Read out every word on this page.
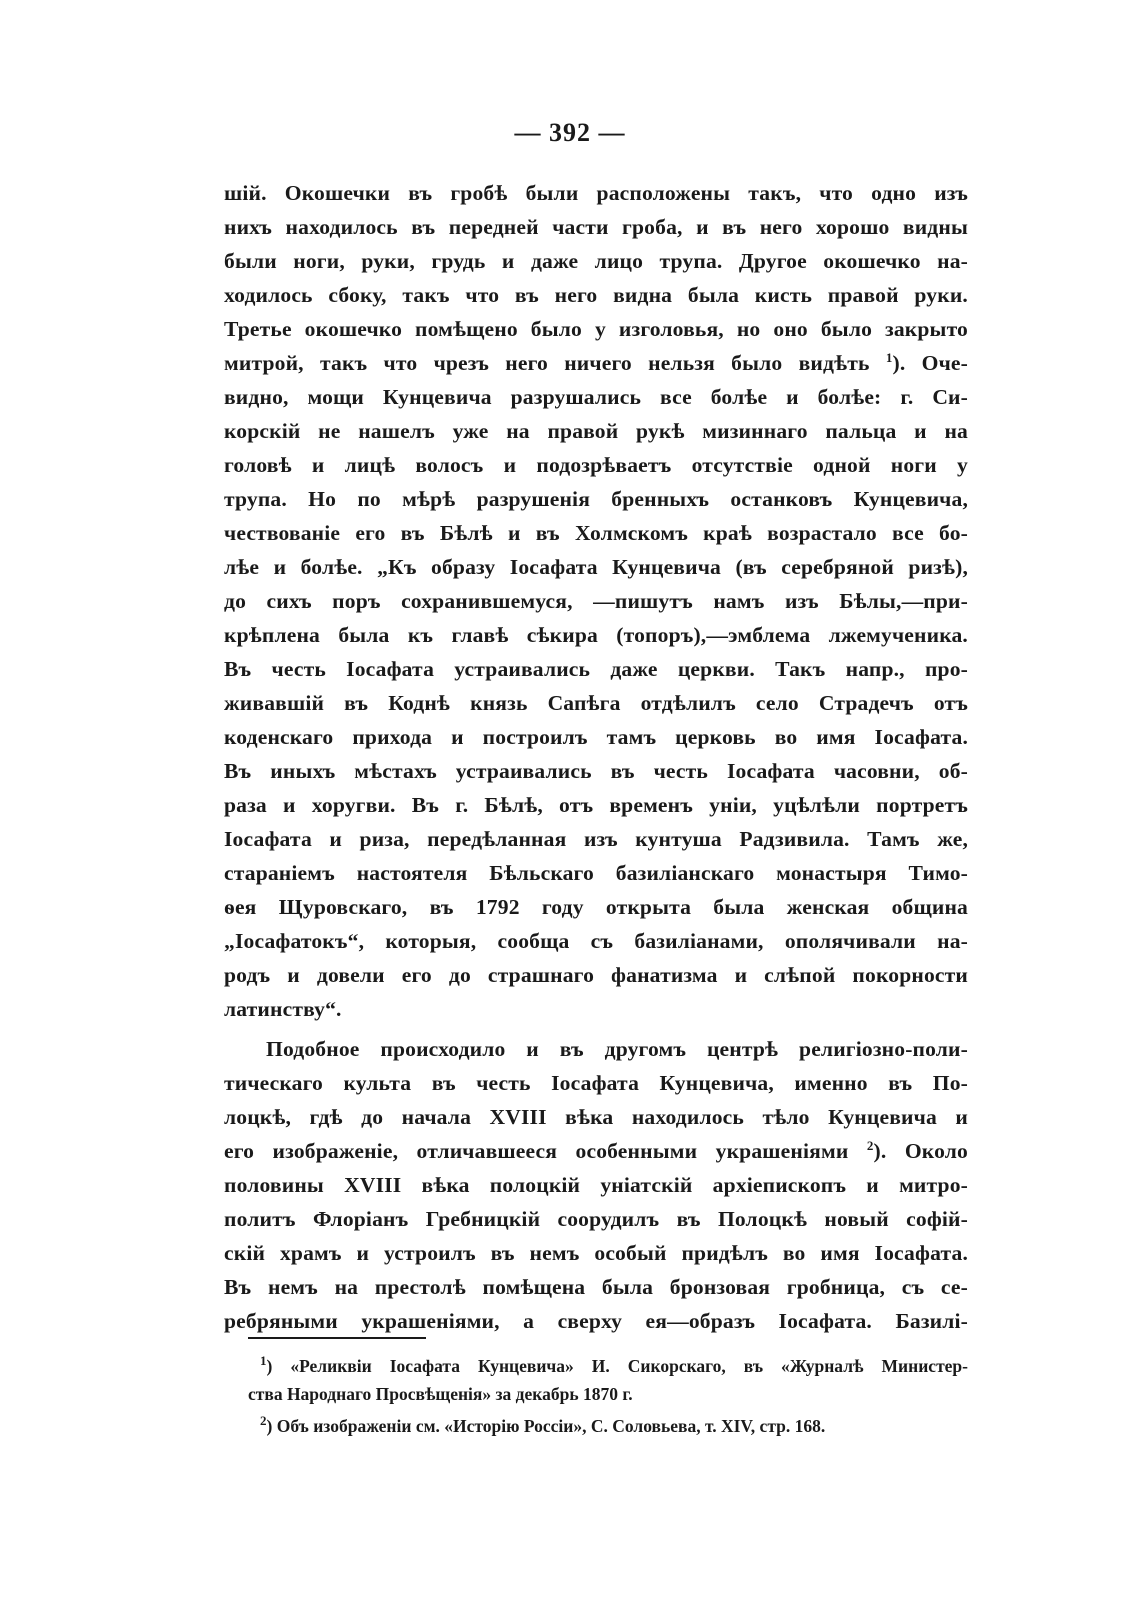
— 392 —
шій. Окошечки въ гробѣ были расположены такъ, что одно изъ
нихъ находилось въ передней части гроба, и въ него хорошо видны
были ноги, руки, грудь и даже лицо трупа. Другое окошечко на-
ходилось сбоку, такъ что въ него видна была кисть правой руки.
Третье окошечко помѣщено было у изголовья, но оно было закрыто
митрой, такъ что чрезъ него ничего нельзя было видѣть $^1$). Оче-
видно, мощи Кунцевича разрушались все болѣе и болѣе: г. Си-
корскій не нашелъ уже на правой рукѣ мизиннаго пальца и на
головѣ и лицѣ волосъ и подозрѣваетъ отсутствіе одной ноги у
трупа. Но по мѣрѣ разрушенія бренныхъ останковъ Кунцевича,
чествованіе его въ Бѣлѣ и въ Холмскомъ краѣ возрастало все бо-
лѣе и болѣе. „Къ образу Іосафата Кунцевича (въ серебряной ризѣ),
до сихъ поръ сохранившемуся, —пишутъ намъ изъ Бѣлы,—при-
крѣплена была къ главѣ сѣкира (топоръ),—эмблема лжемученика.
Въ честь Іосафата устраивались даже церкви. Такъ напр., про-
живавшій въ Коднѣ князь Сапѣга отдѣлилъ село Страдечъ отъ
коденскаго прихода и построилъ тамъ церковь во имя Іосафата.
Въ иныхъ мѣстахъ устраивались въ честь Іосафата часовни, об-
раза и хоругви. Въ г. Бѣлѣ, отъ временъ уніи, уцѣлѣли портретъ
Іосафата и риза, передѣланная изъ кунтуша Радзивила. Тамъ же,
стараніемъ настоятеля Бѣльскаго базиліанскаго монастыря Тимо-
ѳея Щуровскаго, въ 1792 году открыта была женская община
„Іосафатокъ“, которыя, сообща съ базиліанами, ополячивали на-
родъ и довели его до страшнаго фанатизма и слѣпой покорности
латинству“.
Подобное происходило и въ другомъ центрѣ религіозно-поли-
тическаго культа въ честь Іосафата Кунцевича, именно въ По-
лоцкѣ, гдѣ до начала XVIII вѣка находилось тѣло Кунцевича и
его изображеніе, отличавшееся особенными украшеніями $^2$). Около
половины XVIII вѣка полоцкій уніатскій архіепископъ и митро-
политъ Флоріанъ Гребницкій соорудилъ въ Полоцкѣ новый софій-
скій храмъ и устроилъ въ немъ особый придѣлъ во имя Іосафата.
Въ немъ на престолѣ помѣщена была бронзовая гробница, съ се-
ребряными украшеніями, а сверху ея—образъ Іосафата. Базилі-
$^1$) «Реликвіи Іосафата Кунцевича» И. Сикорскаго, въ «Журналѣ Министер-
ства Народнаго Просвѣщенія» за декабрь 1870 г.
$^2$) Объ изображеніи см. «Исторію Россіи», С. Соловьева, т. XIV, стр. 168.
